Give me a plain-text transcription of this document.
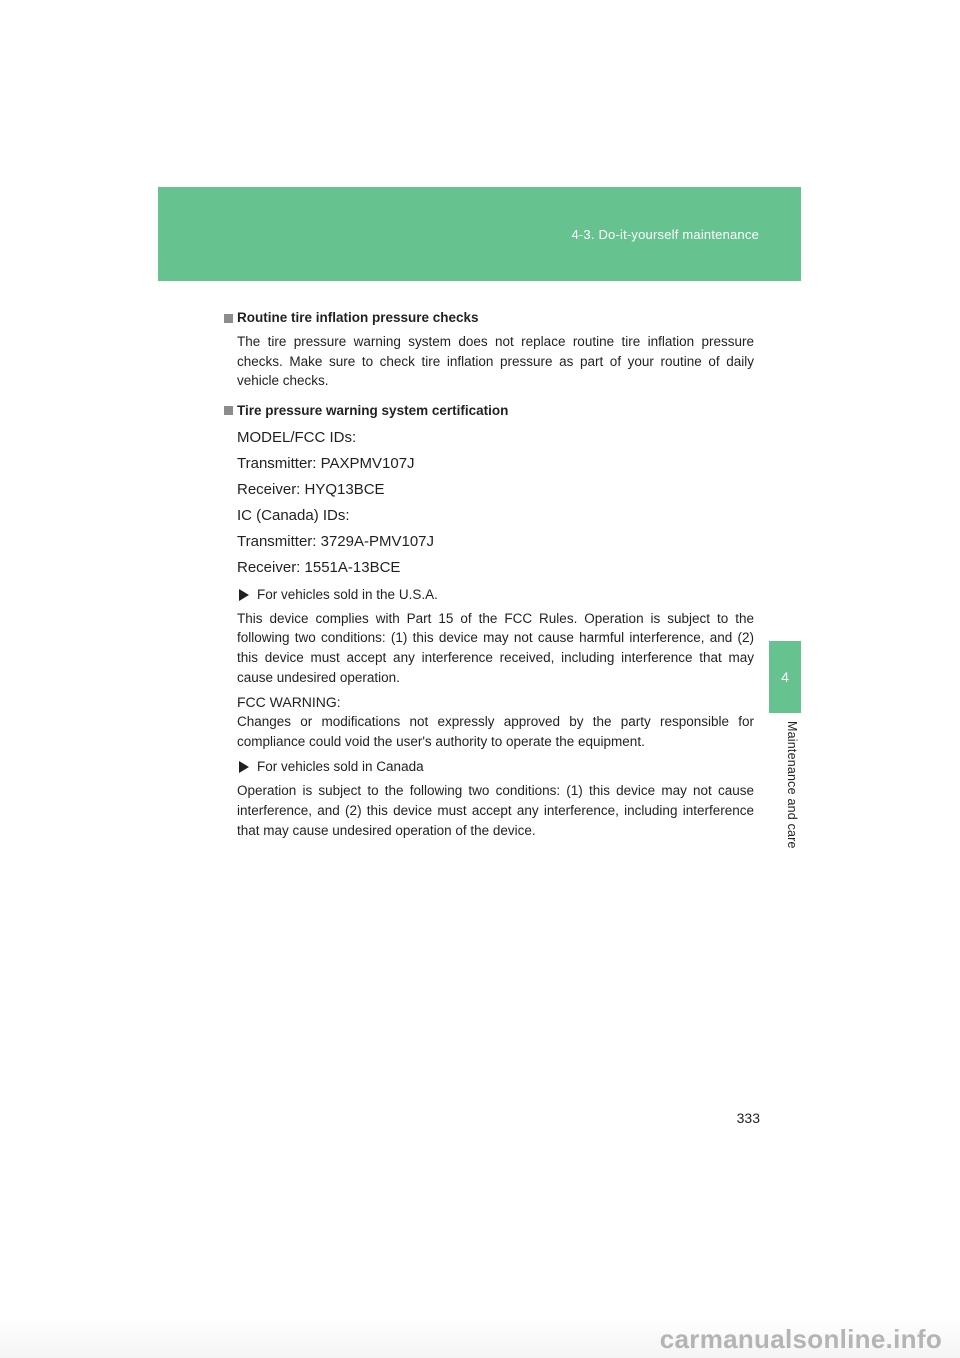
4-3. Do-it-yourself maintenance
4
Maintenance and care
Routine tire inflation pressure checks

The tire pressure warning system does not replace routine tire inflation pressure checks. Make sure to check tire inflation pressure as part of your routine of daily vehicle checks.

Tire pressure warning system certification
MODEL/FCC IDs:
Transmitter: PAXPMV107J
Receiver: HYQ13BCE
IC (Canada) IDs:
Transmitter: 3729A-PMV107J
Receiver: 1551A-13BCE
For vehicles sold in the U.S.A.

This device complies with Part 15 of the FCC Rules. Operation is subject to the following two conditions: (1) this device may not cause harmful interference, and (2) this device must accept any interference received, including interference that may cause undesired operation.

FCC WARNING:

Changes or modifications not expressly approved by the party responsible for compliance could void the user's authority to operate the equipment.

For vehicles sold in Canada

Operation is subject to the following two conditions: (1) this device may not cause interference, and (2) this device must accept any interference, including interference that may cause undesired operation of the device.

333
carmanualsonline.info
